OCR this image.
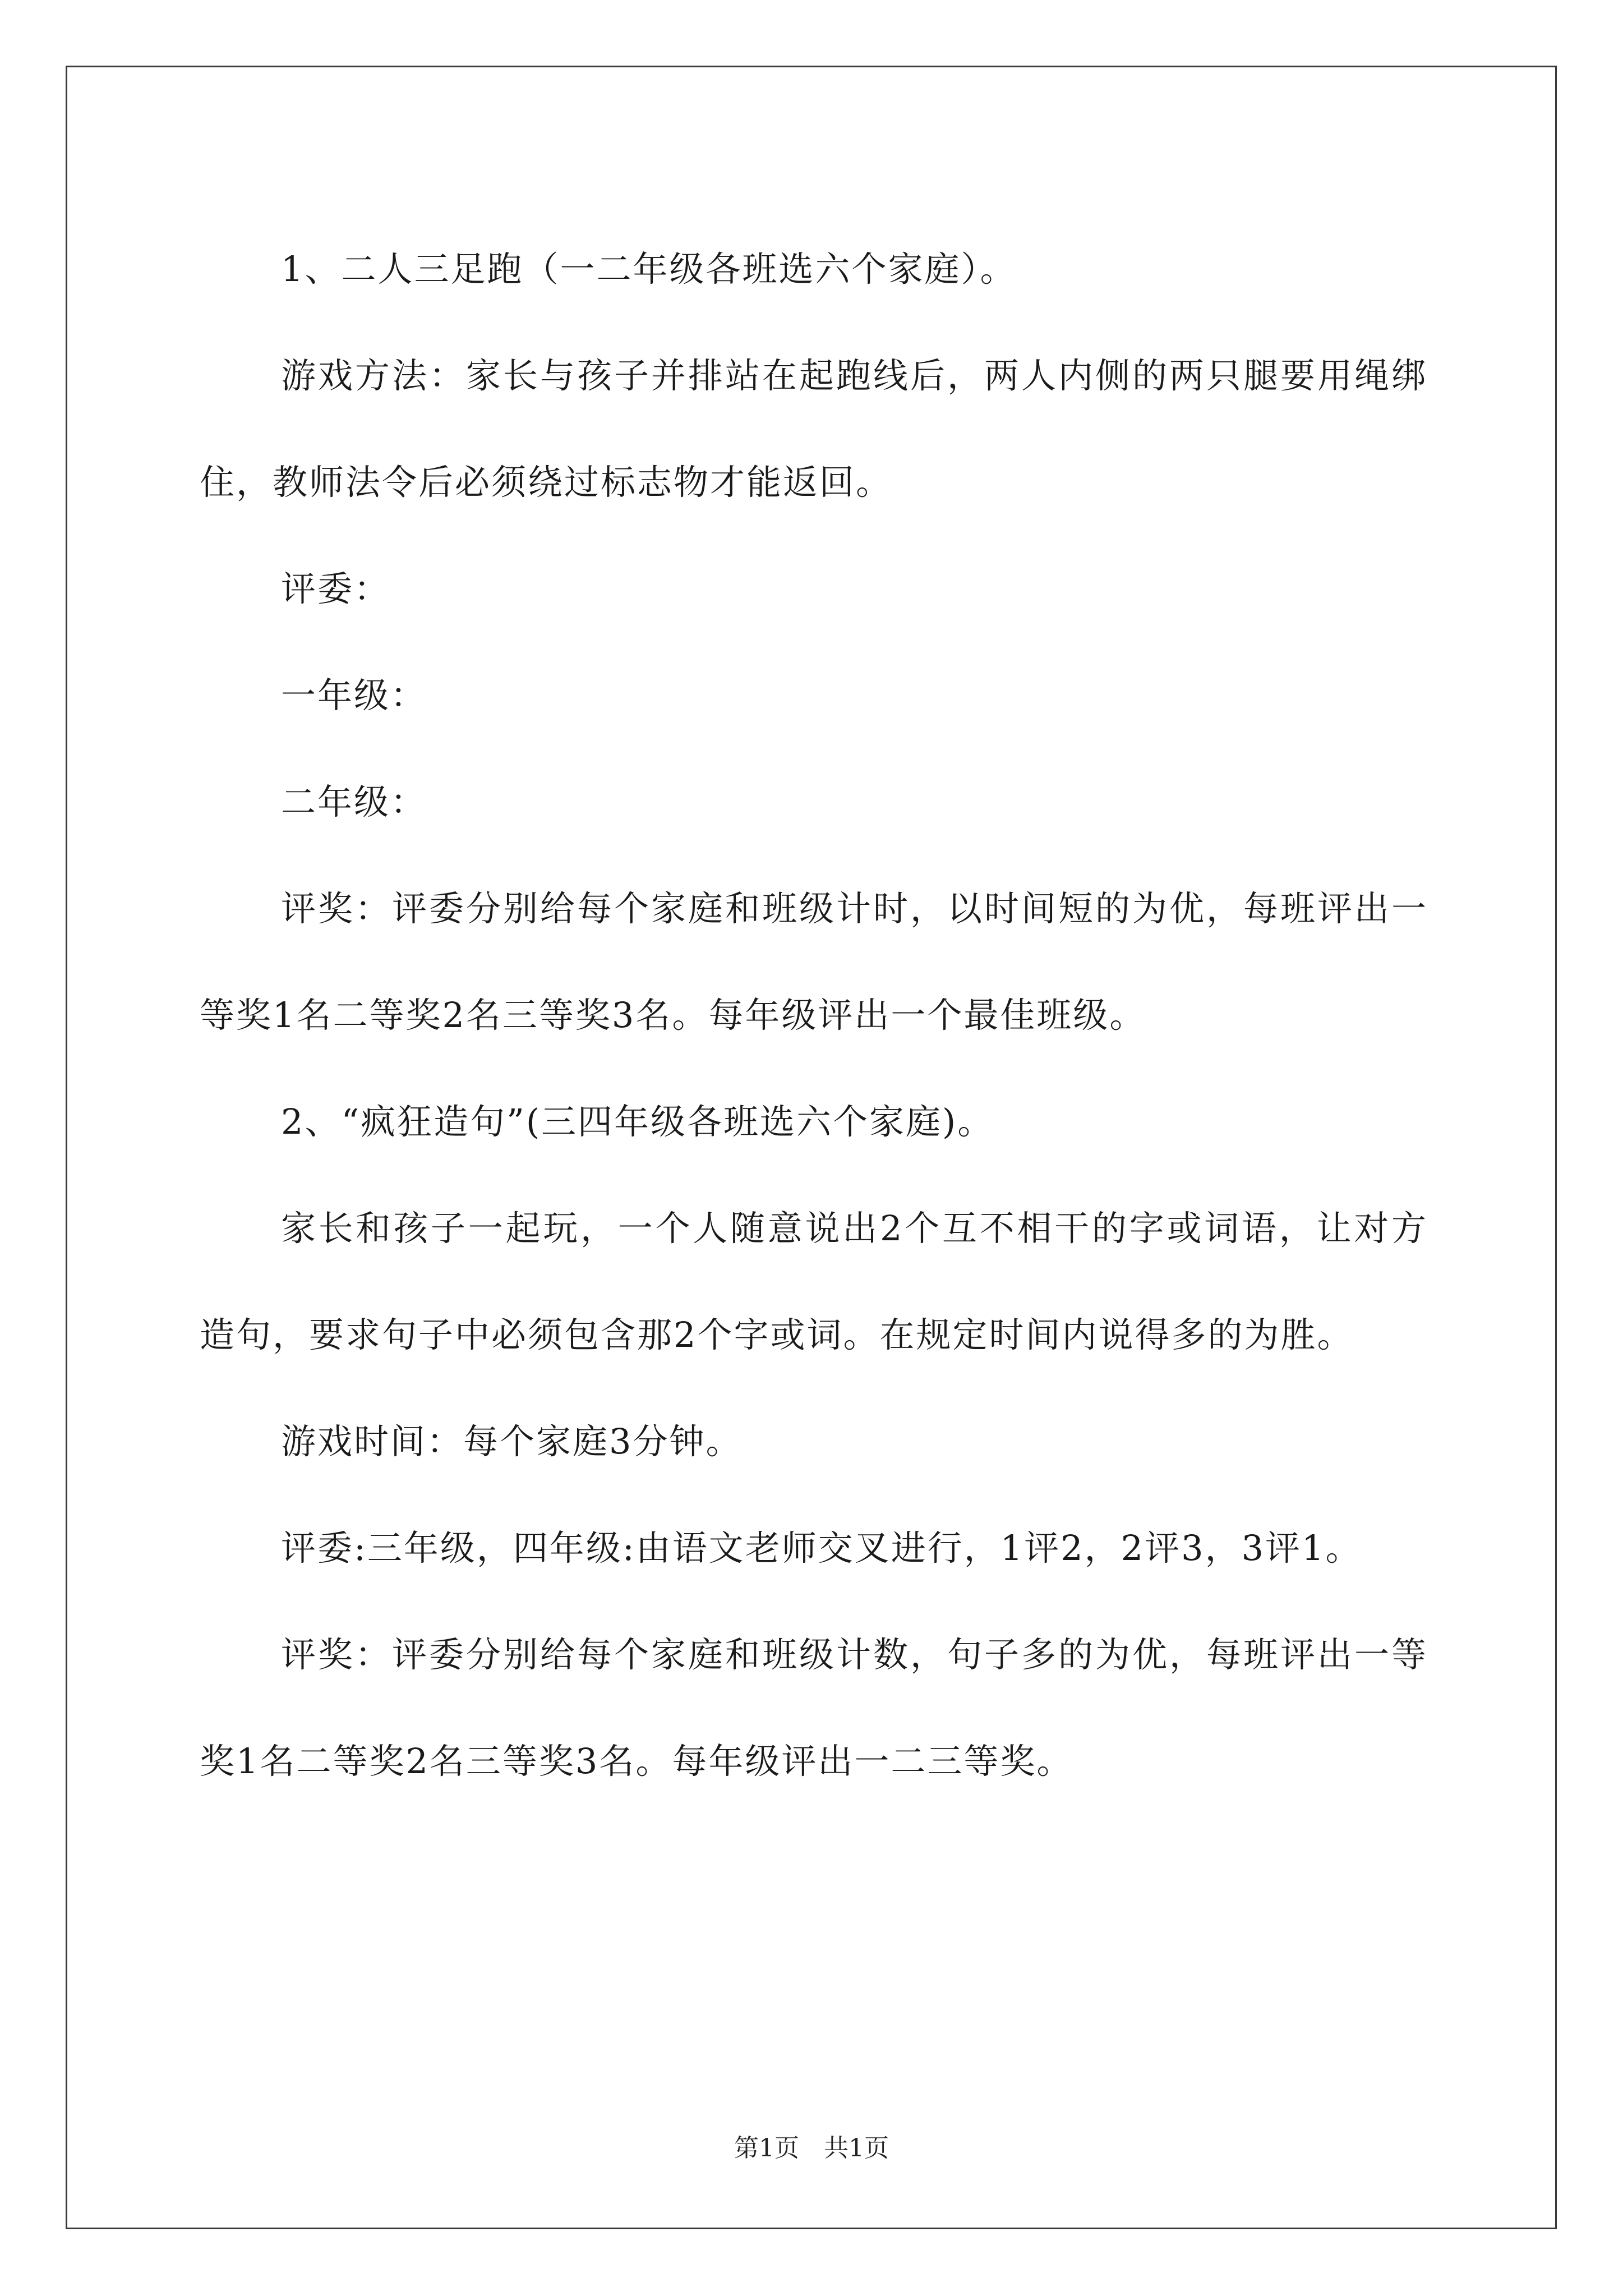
1、二人三足跑（一二年级各班选六个家庭）。

游戏方法：家长与孩子并排站在起跑线后，两人内侧的两只腿要用绳绑住，教师法令后必须绕过标志物才能返回。

评委：

一年级：

二年级：

评奖：评委分别给每个家庭和班级计时，以时间短的为优，每班评出一等奖1名二等奖2名三等奖3名。每年级评出一个最佳班级。

2、“疯狂造句”(三四年级各班选六个家庭)。

家长和孩子一起玩，一个人随意说出2个互不相干的字或词语，让对方造句，要求句子中必须包含那2个字或词。在规定时间内说得多的为胜。

游戏时间：每个家庭3分钟。

评委:三年级，四年级:由语文老师交叉进行，1评2，2评3，3评1。

评奖：评委分别给每个家庭和班级计数，句子多的为优，每班评出一等奖1名二等奖2名三等奖3名。每年级评出一二三等奖。

第1页　共1页
